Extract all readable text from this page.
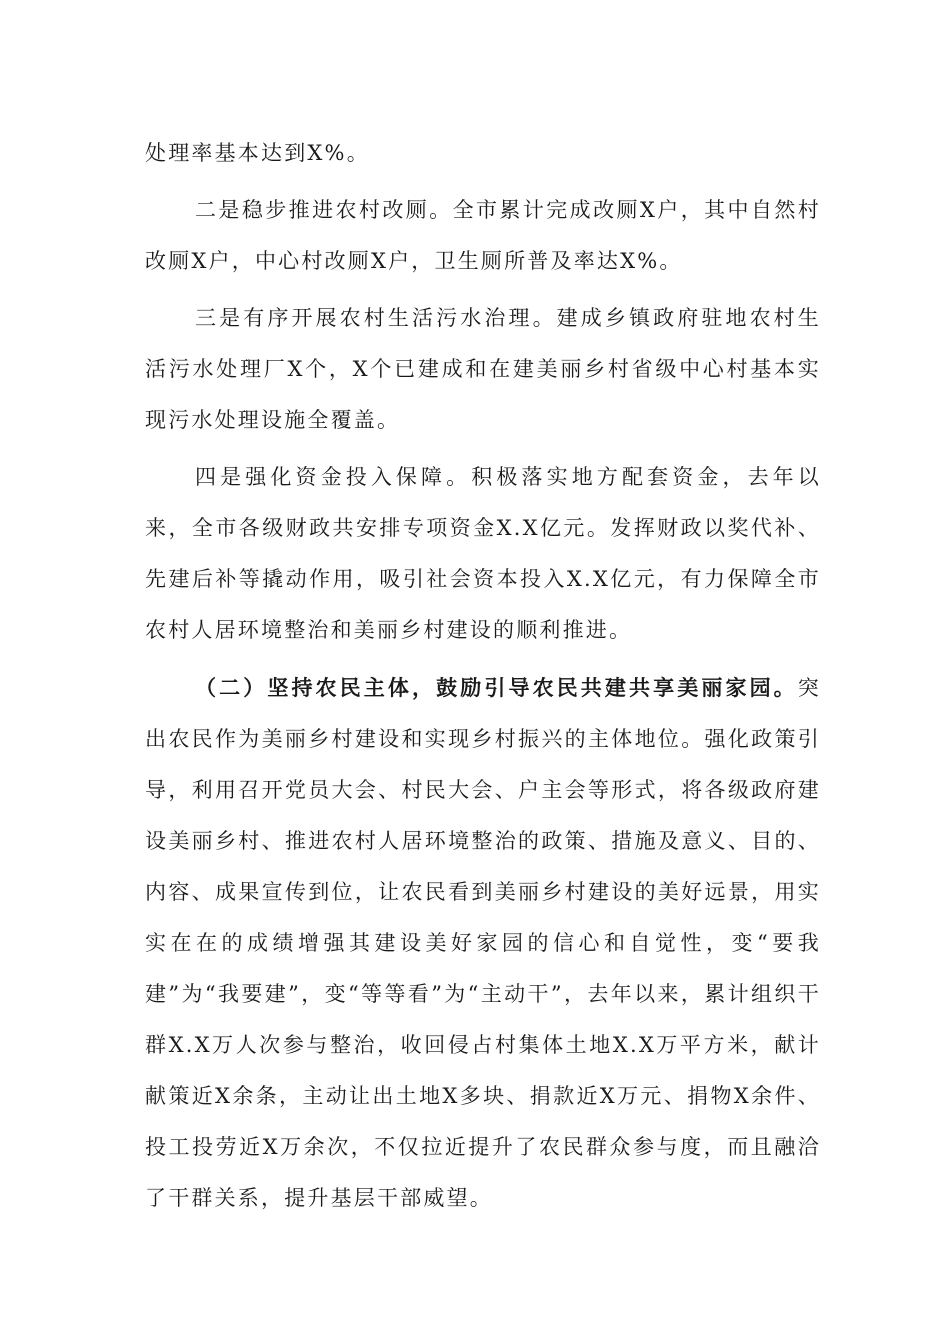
处理率基本达到X%。

二是稳步推进农村改厕。全市累计完成改厕X户，其中自然村改厕X户，中心村改厕X户，卫生厕所普及率达X%。

三是有序开展农村生活污水治理。建成乡镇政府驻地农村生活污水处理厂X个，X个已建成和在建美丽乡村省级中心村基本实现污水处理设施全覆盖。

四是强化资金投入保障。积极落实地方配套资金，去年以来，全市各级财政共安排专项资金X.X亿元。发挥财政以奖代补、先建后补等撬动作用，吸引社会资本投入X.X亿元，有力保障全市农村人居环境整治和美丽乡村建设的顺利推进。

（二）坚持农民主体，鼓励引导农民共建共享美丽家园。突出农民作为美丽乡村建设和实现乡村振兴的主体地位。强化政策引导，利用召开党员大会、村民大会、户主会等形式，将各级政府建设美丽乡村、推进农村人居环境整治的政策、措施及意义、目的、内容、成果宣传到位，让农民看到美丽乡村建设的美好远景，用实实在在的成绩增强其建设美好家园的信心和自觉性，变“要我建”为“我要建”，变“等等看”为“主动干”，去年以来，累计组织干群X.X万人次参与整治，收回侵占村集体土地X.X万平方米，献计献策近X余条，主动让出土地X多块、捐款近X万元、捐物X余件、投工投劳近X万余次，不仅拉近提升了农民群众参与度，而且融洽了干群关系，提升基层干部威望。
